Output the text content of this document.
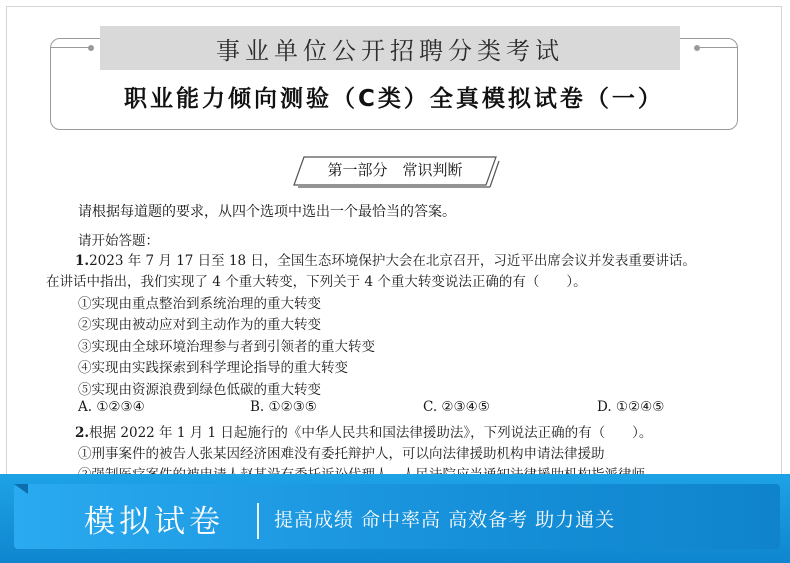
事业单位公开招聘分类考试
职业能力倾向测验（C类）全真模拟试卷（一）
第一部分　常识判断
请根据每道题的要求，从四个选项中选出一个最恰当的答案。
请开始答题：
1.2023 年 7 月 17 日至 18 日，全国生态环境保护大会在北京召开，习近平出席会议并发表重要讲话。
在讲话中指出，我们实现了 4 个重大转变，下列关于 4 个重大转变说法正确的有（　　）。
①实现由重点整治到系统治理的重大转变
②实现由被动应对到主动作为的重大转变
③实现由全球环境治理参与者到引领者的重大转变
④实现由实践探索到科学理论指导的重大转变
⑤实现由资源浪费到绿色低碳的重大转变
A. ①②③④	B. ①②③⑤	C. ②③④⑤	D. ①②④⑤
2.根据 2022 年 1 月 1 日起施行的《中华人民共和国法律援助法》，下列说法正确的有（　　）。
①刑事案件的被告人张某因经济困难没有委托辩护人，可以向法律援助机构申请法律援助
模拟试卷	提高成绩 命中率高 高效备考 助力通关
